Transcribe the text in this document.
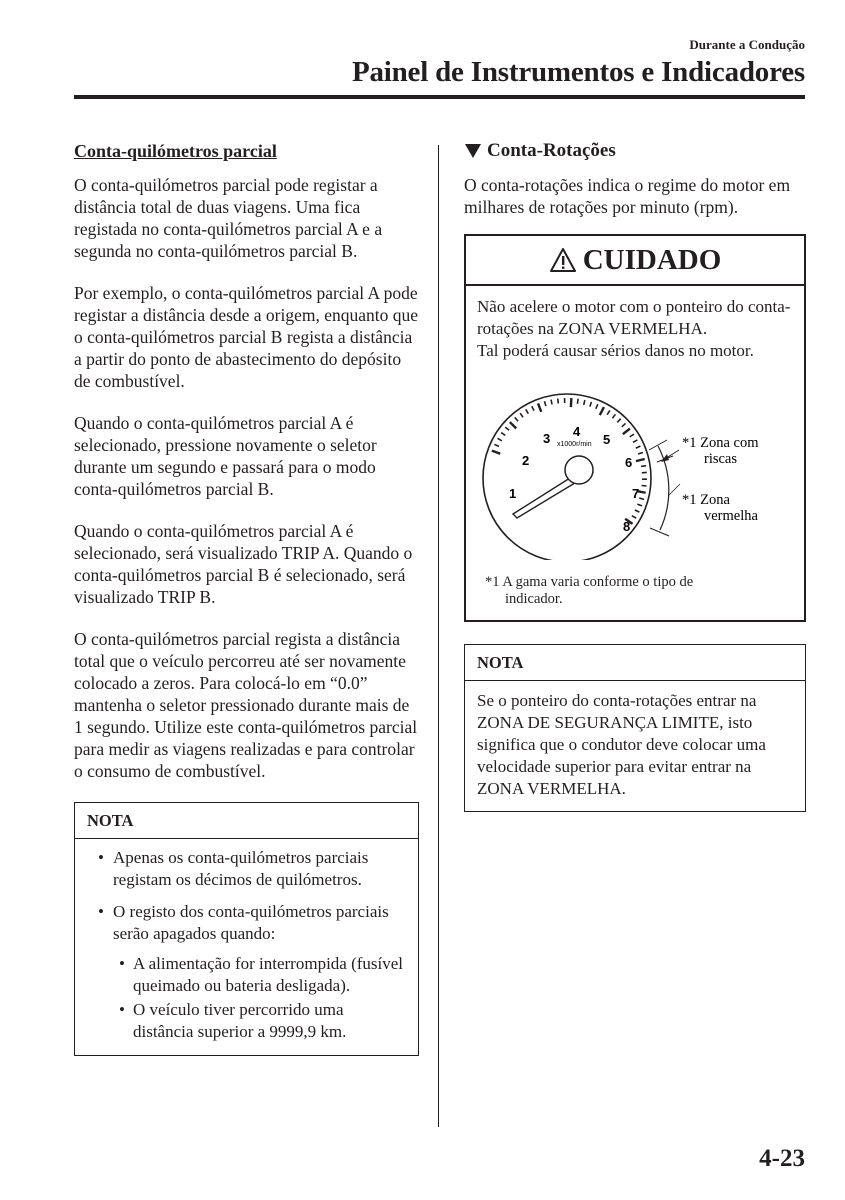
Durante a Condução
Painel de Instrumentos e Indicadores
Conta-quilómetros parcial

O conta-quilómetros parcial pode registar a distância total de duas viagens. Uma fica registada no conta-quilómetros parcial A e a segunda no conta-quilómetros parcial B.

Por exemplo, o conta-quilómetros parcial A pode registar a distância desde a origem, enquanto que o conta-quilómetros parcial B regista a distância a partir do ponto de abastecimento do depósito de combustível.

Quando o conta-quilómetros parcial A é selecionado, pressione novamente o seletor durante um segundo e passará para o modo conta-quilómetros parcial B.

Quando o conta-quilómetros parcial A é selecionado, será visualizado TRIP A. Quando o conta-quilómetros parcial B é selecionado, será visualizado TRIP B.

O conta-quilómetros parcial regista a distância total que o veículo percorreu até ser novamente colocado a zeros. Para colocá-lo em “0.0” mantenha o seletor pressionado durante mais de 1 segundo. Utilize este conta-quilómetros parcial para medir as viagens realizadas e para controlar o consumo de combustível.

NOTA
• Apenas os conta-quilómetros parciais registam os décimos de quilómetros.
• O registo dos conta-quilómetros parciais serão apagados quando:
• A alimentação for interrompida (fusível queimado ou bateria desligada).
• O veículo tiver percorrido uma distância superior a 9999,9 km.
Conta-Rotações

O conta-rotações indica o regime do motor em milhares de rotações por minuto (rpm).

CUIDADO
Não acelere o motor com o ponteiro do conta-rotações na ZONA VERMELHA.
Tal poderá causar sérios danos no motor.
1
2
3 4
5
6
7
8
x1000r/min	*1 Zona com
riscas
*1 Zona
vermelha
*1 A gama varia conforme o tipo de
indicador.
NOTA
Se o ponteiro do conta-rotações entrar na ZONA DE SEGURANÇA LIMITE, isto significa que o condutor deve colocar uma velocidade superior para evitar entrar na ZONA VERMELHA.
4-23
